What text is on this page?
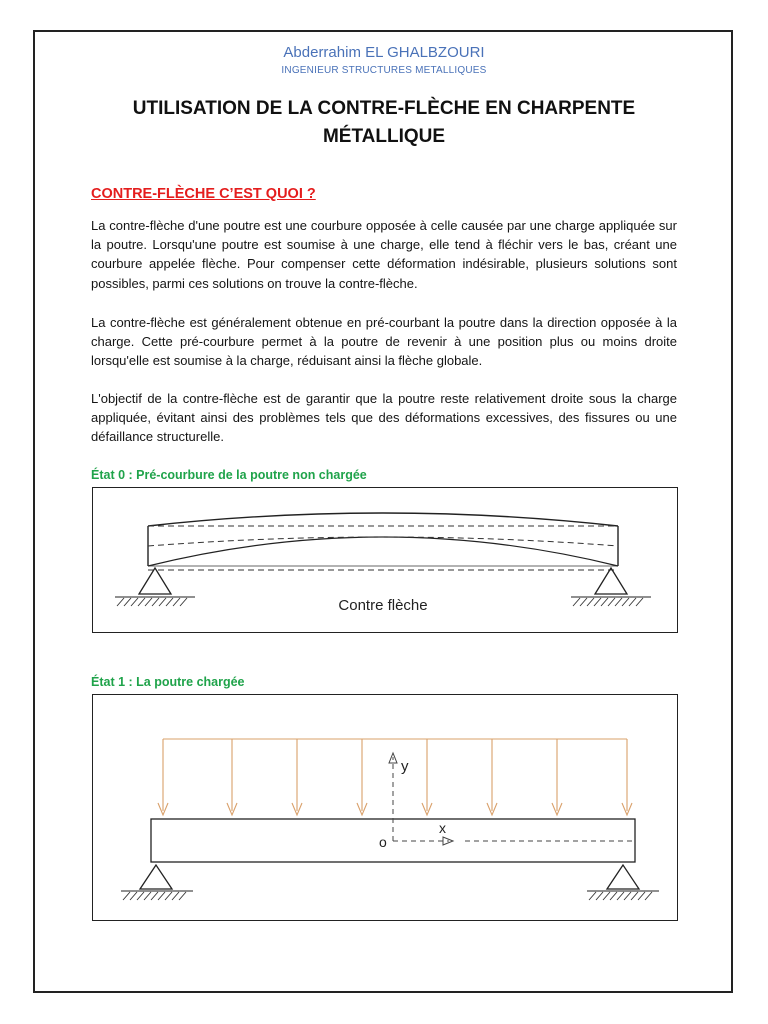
Abderrahim EL GHALBZOURI
INGENIEUR STRUCTURES METALLIQUES
UTILISATION DE LA CONTRE-FLÈCHE EN CHARPENTE MÉTALLIQUE
CONTRE-FLÈCHE C’EST QUOI ?

La contre-flèche d'une poutre est une courbure opposée à celle causée par une charge appliquée sur la poutre. Lorsqu'une poutre est soumise à une charge, elle tend à fléchir vers le bas, créant une courbure appelée flèche. Pour compenser cette déformation indésirable, plusieurs solutions sont possibles, parmi ces solutions on trouve la contre-flèche.

La contre-flèche est généralement obtenue en pré-courbant la poutre dans la direction opposée à la charge. Cette pré-courbure permet à la poutre de revenir à une position plus ou moins droite lorsqu'elle est soumise à la charge, réduisant ainsi la flèche globale.

L'objectif de la contre-flèche est de garantir que la poutre reste relativement droite sous la charge appliquée, évitant ainsi des problèmes tels que des déformations excessives, des fissures ou une défaillance structurelle.

État 0 : Pré-courbure de la poutre non chargée
Contre flèche
État 1 : La poutre chargée
y
x
o
